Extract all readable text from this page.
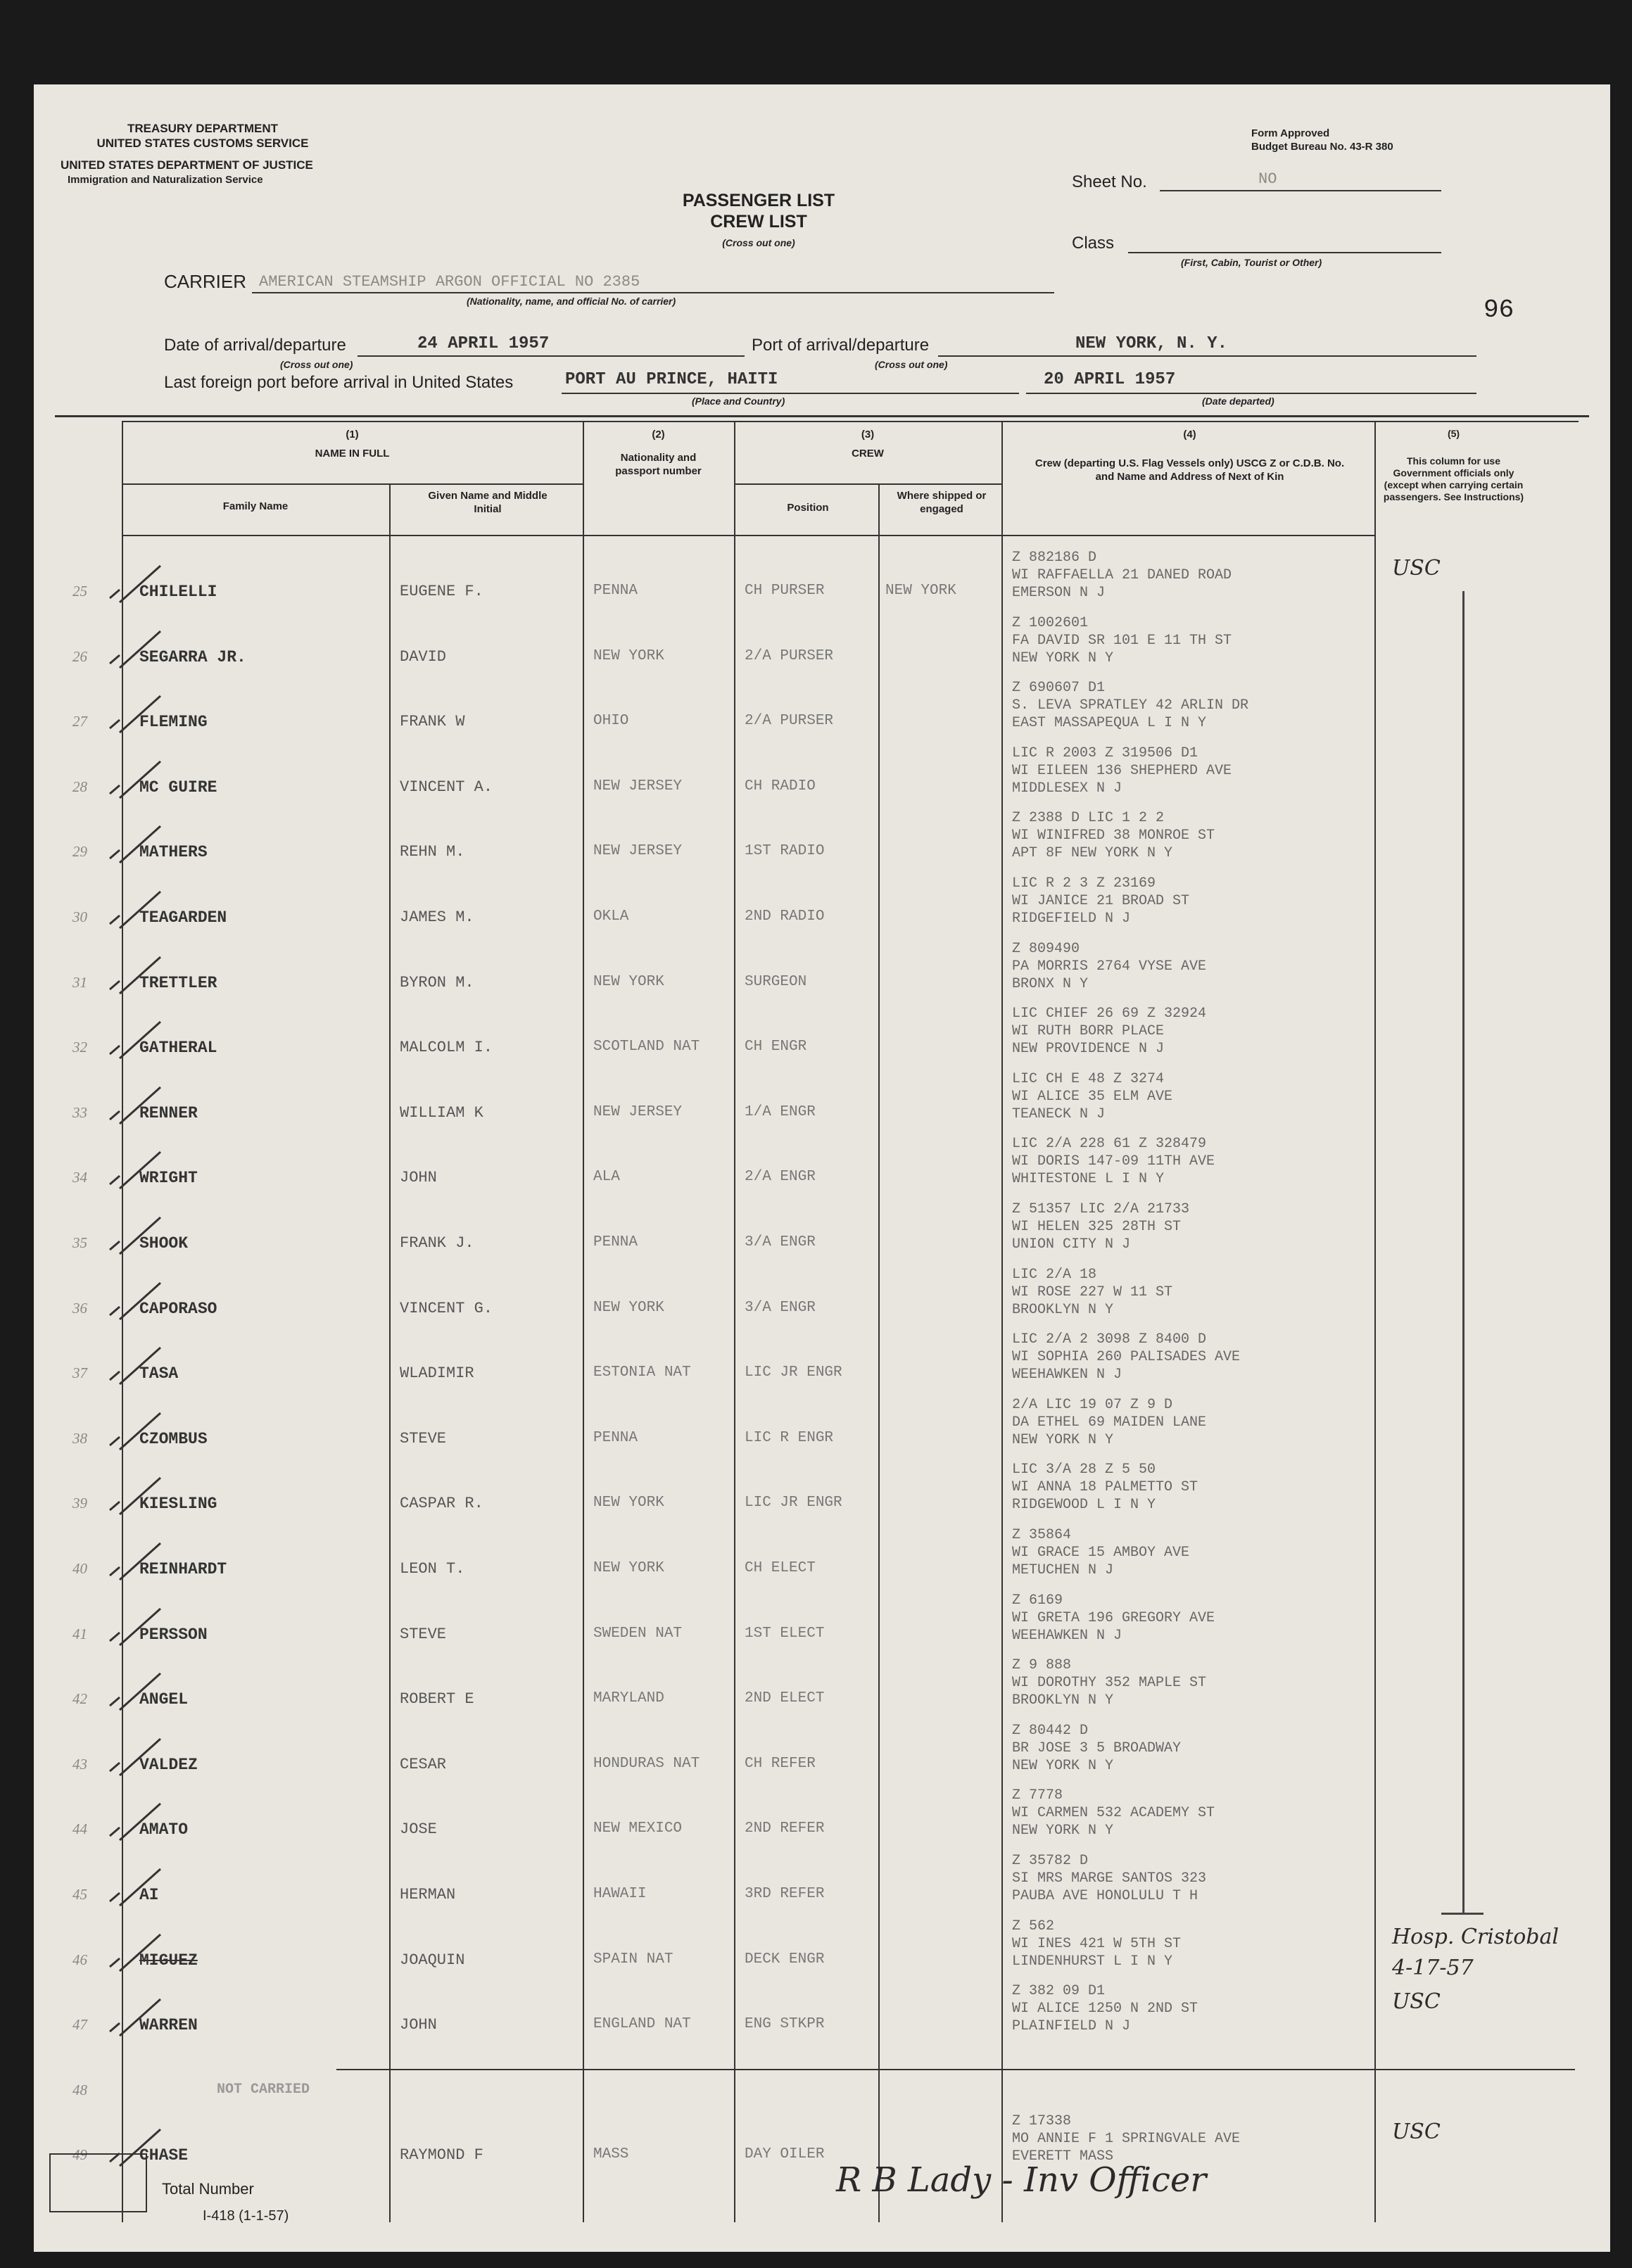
TREASURY DEPARTMENT
UNITED STATES CUSTOMS SERVICE
UNITED STATES DEPARTMENT OF JUSTICE
Immigration and Naturalization Service
Form Approved
Budget Bureau No. 43-R 380
PASSENGER LIST
CREW LIST
(Cross out one)
Sheet No.	NO
Class
(First, Cabin, Tourist or Other)
96
CARRIER AMERICAN STEAMSHIP ARGON OFFICIAL NO 2385
(Nationality, name, and official No. of carrier)
Date of arrival/departure	24 APRIL 1957
(Cross out one)
Port of arrival/departure	NEW YORK, N. Y.
(Cross out one)
Last foreign port before arrival in United States	PORT AU PRINCE, HAITI
(Place and Country)
20 APRIL 1957
(Date departed)
(1)
NAME IN FULL
Family Name
Given Name and Middle Initial
(2)
Nationality and passport number
(3)
CREW
Position
Where shipped or engaged
(4)
Crew (departing U.S. Flag Vessels only) USCG Z or C.D.B. No. and Name and Address of Next of Kin
(5)
This column for use Government officials only (except when carrying certain passengers. See Instructions)
25	CHILELLI	EUGENE F.	PENNA	CH PURSER	NEW YORK
Z 882186 D
WI RAFFAELLA 21 DANED ROAD
EMERSON N J
USC
26	SEGARRA JR.	DAVID	NEW YORK	2/A PURSER
Z 1002601
FA DAVID SR 101 E 11 TH ST
NEW YORK N Y
27	FLEMING	FRANK W	OHIO	2/A PURSER
Z 690607 D1
S. LEVA SPRATLEY 42 ARLIN DR
EAST MASSAPEQUA L I N Y
28	MC GUIRE	VINCENT A.	NEW JERSEY	CH RADIO
LIC R 2003 Z 319506 D1
WI EILEEN 136 SHEPHERD AVE
MIDDLESEX N J
29	MATHERS	REHN M.	NEW JERSEY	1ST RADIO
Z 2388 D LIC 1 2 2
WI WINIFRED 38 MONROE ST
APT 8F NEW YORK N Y
30	TEAGARDEN	JAMES M.	OKLA	2ND RADIO
LIC R 2 3 Z 23169
WI JANICE 21 BROAD ST
RIDGEFIELD N J
31	TRETTLER	BYRON M.	NEW YORK	SURGEON
Z 809490
PA MORRIS 2764 VYSE AVE
BRONX N Y
32	GATHERAL	MALCOLM I.	SCOTLAND NAT	CH ENGR
LIC CHIEF 26 69 Z 32924
WI RUTH BORR PLACE
NEW PROVIDENCE N J
33	RENNER	WILLIAM K	NEW JERSEY	1/A ENGR
LIC CH E 48 Z 3274
WI ALICE 35 ELM AVE
TEANECK N J
34	WRIGHT	JOHN	ALA	2/A ENGR
LIC 2/A 228 61 Z 328479
WI DORIS 147-09 11TH AVE
WHITESTONE L I N Y
35	SHOOK	FRANK J.	PENNA	3/A ENGR
Z 51357 LIC 2/A 21733
WI HELEN 325 28TH ST
UNION CITY N J
36	CAPORASO	VINCENT G.	NEW YORK	3/A ENGR
LIC 2/A 18
WI ROSE 227 W 11 ST
BROOKLYN N Y
37	TASA	WLADIMIR	ESTONIA NAT	LIC JR ENGR
LIC 2/A 2 3098 Z 8400 D
WI SOPHIA 260 PALISADES AVE
WEEHAWKEN N J
38	CZOMBUS	STEVE	PENNA	LIC R ENGR
2/A LIC 19 07 Z 9 D
DA ETHEL 69 MAIDEN LANE
NEW YORK N Y
39	KIESLING	CASPAR R.	NEW YORK	LIC JR ENGR
LIC 3/A 28 Z 5 50
WI ANNA 18 PALMETTO ST
RIDGEWOOD L I N Y
40	REINHARDT	LEON T.	NEW YORK	CH ELECT
Z 35864
WI GRACE 15 AMBOY AVE
METUCHEN N J
41	PERSSON	STEVE	SWEDEN NAT	1ST ELECT
Z 6169
WI GRETA 196 GREGORY AVE
WEEHAWKEN N J
42	ANGEL	ROBERT E	MARYLAND	2ND ELECT
Z 9 888
WI DOROTHY 352 MAPLE ST
BROOKLYN N Y
43	VALDEZ	CESAR	HONDURAS NAT	CH REFER
Z 80442 D
BR JOSE 3 5 BROADWAY
NEW YORK N Y
44	AMATO	JOSE	NEW MEXICO	2ND REFER
Z 7778
WI CARMEN 532 ACADEMY ST
NEW YORK N Y
45	AI	HERMAN	HAWAII	3RD REFER
Z 35782 D
SI MRS MARGE SANTOS 323
PAUBA AVE HONOLULU T H
46	MIGUEZ	JOAQUIN	SPAIN NAT	DECK ENGR
Z 562
WI INES 421 W 5TH ST
LINDENHURST L I N Y
Hosp. Cristobal 4-17-57
47	WARREN	JOHN	ENGLAND NAT	ENG STKPR
Z 382 09 D1
WI ALICE 1250 N 2ND ST
PLAINFIELD N J
USC
48	NOT CARRIED
49	CHASE	RAYMOND F	MASS	DAY OILER
Z 17338
MO ANNIE F 1 SPRINGVALE AVE
EVERETT MASS
USC
Total Number
I-418 (1-1-57)
R B Lady - Inv Officer
